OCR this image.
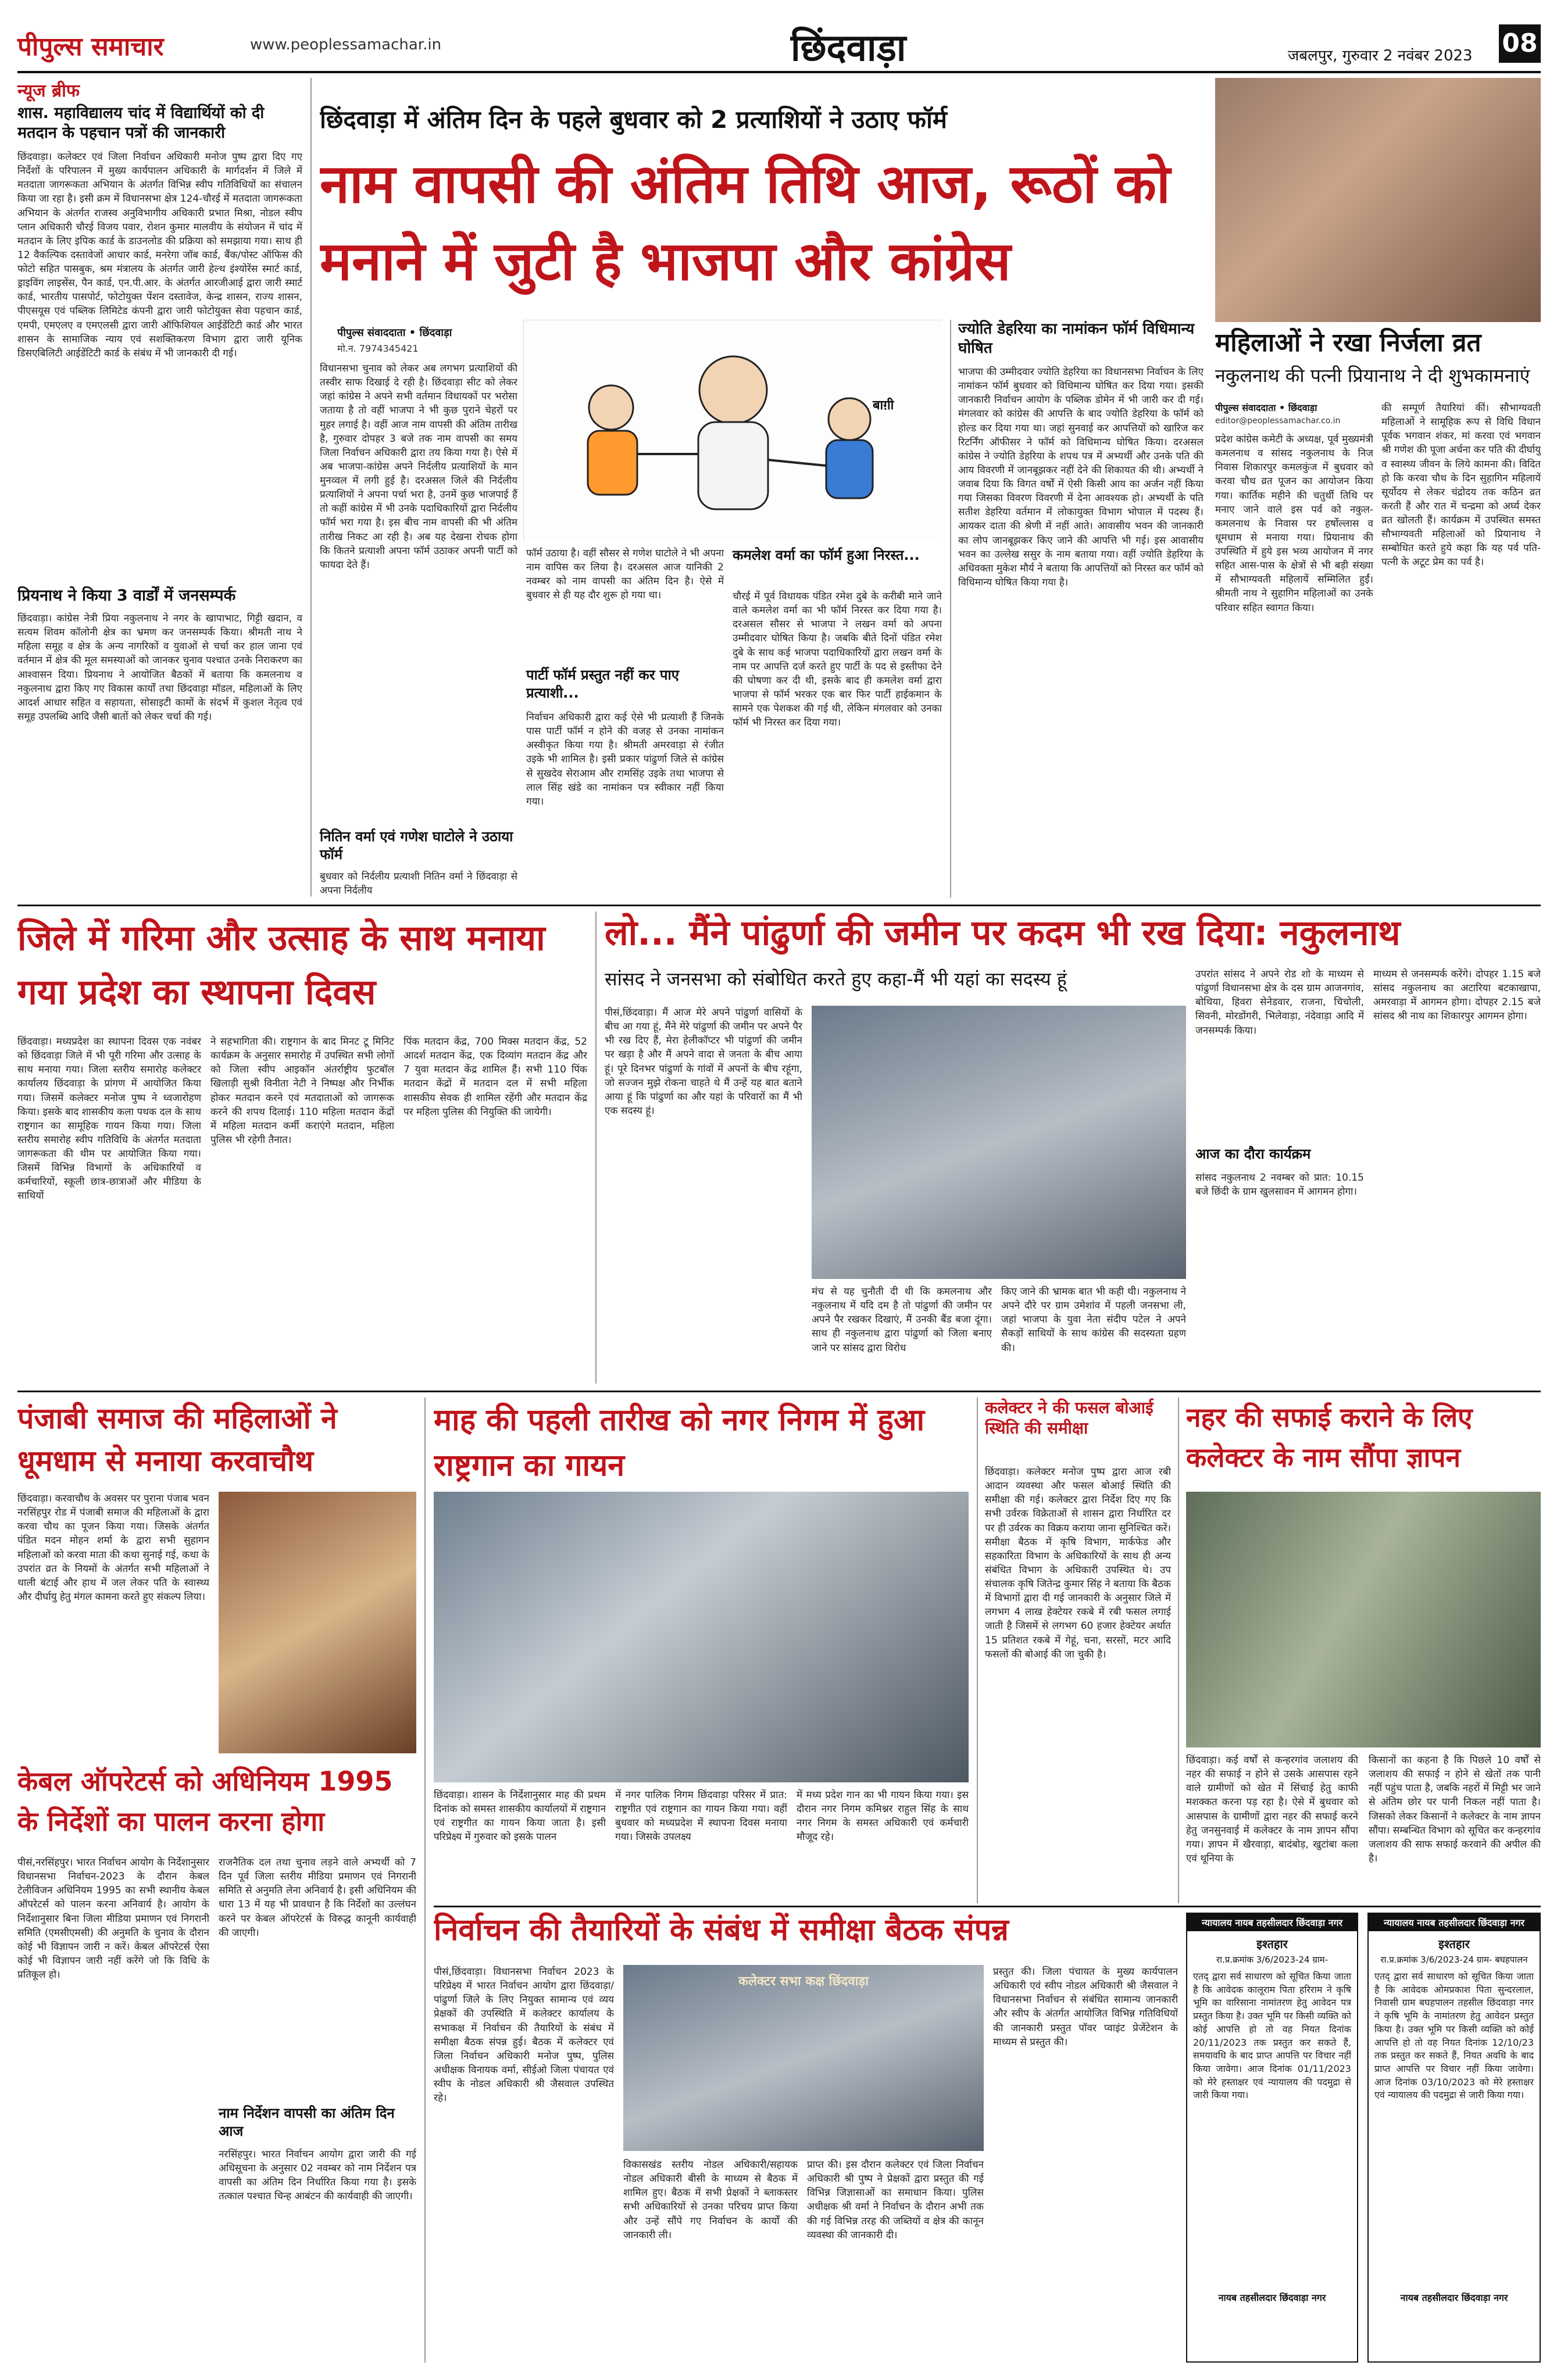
पीपुल्स समाचार	www.peoplessamachar.in	छिंदवाड़ा	जबलपुर, गुरुवार 2 नवंबर 2023 08
न्यूज ब्रीफ
शास. महाविद्यालय चांद में विद्यार्थियों को दी मतदान के पहचान पत्रों की जानकारी
छिंदवाड़ा। कलेक्टर एवं जिला निर्वाचन अधिकारी मनोज पुष्प द्वारा दिए गए निर्देशों के परिपालन में मुख्य कार्यपालन अधिकारी के मार्गदर्शन में जिले में मतदाता जागरूकता अभियान के अंतर्गत विभिन्न स्वीप गतिविधियों का संचालन किया जा रहा है। इसी क्रम में विधानसभा क्षेत्र 124-चौरई में मतदाता जागरूकता अभियान के अंतर्गत राजस्व अनुविभागीय अधिकारी प्रभात मिश्रा, नोडल स्वीप प्लान अधिकारी चौरई विजय पवार, रोशन कुमार मालवीय के संयोजन में चांद में मतदान के लिए इपिक कार्ड के डाउनलोड की प्रक्रिया को समझाया गया। साथ ही 12 वैकल्पिक दस्तावेजों आधार कार्ड, मनरेगा जॉब कार्ड, बैंक/पोस्ट ऑफिस की फोटो सहित पासबुक, श्रम मंत्रालय के अंतर्गत जारी हेल्थ इंश्योरेंस स्मार्ट कार्ड, ड्राइविंग लाइसेंस, पैन कार्ड, एन.पी.आर. के अंतर्गत आरजीआई द्वारा जारी स्मार्ट कार्ड, भारतीय पासपोर्ट, फोटोयुक्त पेंशन दस्तावेज, केन्द्र शासन, राज्य शासन, पीएसयूस एवं पब्लिक लिमिटेड कंपनी द्वारा जारी फोटोयुक्त सेवा पहचान कार्ड, एमपी, एमएलए व एमएलसी द्वारा जारी ऑफिशियल आईडेंटिटी कार्ड और भारत शासन के सामाजिक न्याय एवं सशक्तिकरण विभाग द्वारा जारी यूनिक डिसएबिलिटी आईडेंटिटी कार्ड के संबंध में भी जानकारी दी गई।
प्रियनाथ ने किया 3 वार्डों में जनसम्पर्क
छिंदवाड़ा। कांग्रेस नेत्री प्रिया नकुलनाथ ने नगर के खापाभाट, गिट्टी खदान, व सत्यम शिवम कॉलोनी क्षेत्र का भ्रमण कर जनसम्पर्क किया। श्रीमती नाथ ने महिला समूह व क्षेत्र के अन्य नागरिकों व युवाओं से चर्चा कर हाल जाना एवं वर्तमान में क्षेत्र की मूल समस्याओं को जानकर चुनाव पश्चात उनके निराकरण का आश्वासन दिया। प्रियनाथ ने आयोजित बैठकों में बताया कि कमलनाथ व नकुलनाथ द्वारा किए गए विकास कार्यों तथा छिंदवाड़ा मॉडल, महिलाओं के लिए आदर्श आधार सहित व सहायता, सोसाइटी कामों के संदर्भ में कुशल नेतृत्व एवं समूह उपलब्धि आदि जैसी बातों को लेकर चर्चा की गई।
छिंदवाड़ा में अंतिम दिन के पहले बुधवार को 2 प्रत्याशियों ने उठाए फॉर्म
नाम वापसी की अंतिम तिथि आज, रूठों को मनाने में जुटी है भाजपा और कांग्रेस
पीपुल्स संवाददाता • छिंदवाड़ा
मो.न. 7974345421
बाग़ी
विधानसभा चुनाव को लेकर अब लगभग प्रत्याशियों की तस्वीर साफ दिखाई दे रही है। छिंदवाड़ा सीट को लेकर जहां कांग्रेस ने अपने सभी वर्तमान विधायकों पर भरोसा जताया है तो वहीं भाजपा ने भी कुछ पुराने चेहरों पर मुहर लगाई है। वहीं आज नाम वापसी की अंतिम तारीख है, गुरुवार दोपहर 3 बजे तक नाम वापसी का समय जिला निर्वाचन अधिकारी द्वारा तय किया गया है। ऐसे में अब भाजपा-कांग्रेस अपने निर्दलीय प्रत्याशियों के मान मुनव्वल में लगी हुई है। दरअसल जिले की निर्दलीय प्रत्याशियों ने अपना पर्चा भरा है, उनमें कुछ भाजपाई हैं तो कहीं कांग्रेस में भी उनके पदाधिकारियों द्वारा निर्दलीय फॉर्म भरा गया है। इस बीच नाम वापसी की भी अंतिम तारीख निकट आ रही है। अब यह देखना रोचक होगा कि कितने प्रत्याशी अपना फॉर्म उठाकर अपनी पार्टी को फायदा देते हैं।
नितिन वर्मा एवं गणेश घाटोले ने उठाया फॉर्म
बुधवार को निर्दलीय प्रत्याशी नितिन वर्मा ने छिंदवाड़ा से अपना निर्दलीय
फॉर्म उठाया है। वहीं सौसर से गणेश घाटोले ने भी अपना नाम वापिस कर लिया है। दरअसल आज यानिकी 2 नवम्बर को नाम वापसी का अंतिम दिन है। ऐसे में बुधवार से ही यह दौर शुरू हो गया था।
पार्टी फॉर्म प्रस्तुत नहीं कर पाए प्रत्याशी...
निर्वाचन अधिकारी द्वारा कई ऐसे भी प्रत्याशी हैं जिनके पास पार्टी फॉर्म न होने की वजह से उनका नामांकन अस्वीकृत किया गया है। श्रीमती अमरवाड़ा से रंजीत उइके भी शामिल है। इसी प्रकार पांढुर्णा जिले से कांग्रेस से सुखदेव सेराआम और रामसिंह उइके तथा भाजपा से लाल सिंह खंडे का नामांकन पत्र स्वीकार नहीं किया गया।
कमलेश वर्मा का फॉर्म हुआ निरस्त...
चौरई में पूर्व विधायक पंडित रमेश दुबे के करीबी माने जाने वाले कमलेश वर्मा का भी फॉर्म निरस्त कर दिया गया है। दरअसल सौसर से भाजपा ने लखन वर्मा को अपना उम्मीदवार घोषित किया है। जबकि बीते दिनों पंडित रमेश दुबे के साथ कई भाजपा पदाधिकारियों द्वारा लखन वर्मा के नाम पर आपत्ति दर्ज करते हुए पार्टी के पद से इस्तीफा देने की घोषणा कर दी थी, इसके बाद ही कमलेश वर्मा द्वारा भाजपा से फॉर्म भरकर एक बार फिर पार्टी हाईकमान के सामने एक पेशकश की गई थी, लेकिन मंगलवार को उनका फॉर्म भी निरस्त कर दिया गया।
ज्योति डेहरिया का नामांकन फॉर्म विधिमान्य घोषित
भाजपा की उम्मीदवार ज्योति डेहरिया का विधानसभा निर्वाचन के लिए नामांकन फॉर्म बुधवार को विधिमान्य घोषित कर दिया गया। इसकी जानकारी निर्वाचन आयोग के पब्लिक डोमेन में भी जारी कर दी गई। मंगलवार को कांग्रेस की आपत्ति के बाद ज्योति डेहरिया के फॉर्म को होल्ड कर दिया गया था। जहां सुनवाई कर आपत्तियों को खारिज कर रिटर्निंग ऑफीसर ने फॉर्म को विधिमान्य घोषित किया। दरअसल कांग्रेस ने ज्योति डेहरिया के शपथ पत्र में अभ्यर्थी और उनके पति की आय विवरणी में जानबूझकर नहीं देने की शिकायत की थी। अभ्यर्थी ने जवाब दिया कि विगत वर्षों में ऐसी किसी आय का अर्जन नहीं किया गया जिसका विवरण विवरणी में देना आवश्यक हो। अभ्यर्थी के पति सतीश डेहरिया वर्तमान में लोकायुक्त विभाग भोपाल में पदस्थ हैं। आयकर दाता की श्रेणी में नहीं आते। आवासीय भवन की जानकारी का लोप जानबूझकर किए जाने की आपत्ति भी गई। इस आवासीय भवन का उल्लेख ससुर के नाम बताया गया। वहीं ज्योति डेहरिया के अधिवक्ता मुकेश मौर्य ने बताया कि आपत्तियों को निरस्त कर फॉर्म को विधिमान्य घोषित किया गया है।
महिलाओं ने रखा निर्जला व्रत
नकुलनाथ की पत्नी प्रियानाथ ने दी शुभकामनाएं
पीपुल्स संवाददाता • छिंदवाड़ा
editor@peoplessamachar.co.in
प्रदेश कांग्रेस कमेटी के अध्यक्ष, पूर्व मुख्यमंत्री कमलनाथ व सांसद नकुलनाथ के निज निवास शिकारपुर कमलकुंज में बुधवार को करवा चौथ व्रत पूजन का आयोजन किया गया। कार्तिक महीने की चतुर्थी तिथि पर मनाए जाने वाले इस पर्व को नकुल-कमलनाथ के निवास पर हर्षोल्लास व धूमधाम से मनाया गया। प्रियानाथ की उपस्थिति में हुये इस भव्य आयोजन में नगर सहित आस-पास के क्षेत्रों से भी बड़ी संख्या में सौभाग्यवती महिलायें सम्मिलित हुईं। श्रीमती नाथ ने सुहागिन महिलाओं का उनके परिवार सहित स्वागत किया।
की सम्पूर्ण तैयारियां कीं। सौभाग्यवती महिलाओं ने सामूहिक रूप से विधि विधान पूर्वक भगवान शंकर, मां करवा एवं भगवान श्री गणेश की पूजा अर्चना कर पति की दीर्घायु व स्वास्थ्य जीवन के लिये कामना की। विदित हो कि करवा चौथ के दिन सुहागिन महिलायें सूर्योदय से लेकर चंद्रोदय तक कठिन व्रत करती हैं और रात में चन्द्रमा को अर्घ्य देकर व्रत खोलती हैं। कार्यक्रम में उपस्थित समस्त सौभाग्यवती महिलाओं को प्रियानाथ ने सम्बोधित करते हुये कहा कि यह पर्व पति-पत्नी के अटूट प्रेम का पर्व है।
जिले में गरिमा और उत्साह के साथ मनाया गया प्रदेश का स्थापना दिवस
छिंदवाड़ा। मध्यप्रदेश का स्थापना दिवस एक नवंबर को छिंदवाड़ा जिले में भी पूरी गरिमा और उत्साह के साथ मनाया गया। जिला स्तरीय समारोह कलेक्टर कार्यालय छिंदवाड़ा के प्रांगण में आयोजित किया गया। जिसमें कलेक्टर मनोज पुष्प ने ध्वजारोहण किया। इसके बाद शासकीय कला पथक दल के साथ राष्ट्रगान का सामूहिक गायन किया गया। जिला स्तरीय समारोह स्वीप गतिविधि के अंतर्गत मतदाता जागरूकता की थीम पर आयोजित किया गया। जिसमें विभिन्न विभागों के अधिकारियों व कर्मचारियों, स्कूली छात्र-छात्राओं और मीडिया के साथियों
ने सहभागिता की। राष्ट्रगान के बाद मिनट टू मिनिट कार्यक्रम के अनुसार समारोह में उपस्थित सभी लोगों को जिला स्वीप आइकॉन अंतर्राष्ट्रीय फुटबॉल खिलाड़ी सुश्री विनीता नेटी ने निष्पक्ष और निर्भीक होकर मतदान करने एवं मतदाताओं को जागरूक करने की शपथ दिलाई। 110 महिला मतदान केंद्रों में महिला मतदान कर्मी कराएंगे मतदान, महिला पुलिस भी रहेगी तैनात।
पिंक मतदान केंद्र, 700 मिक्स मतदान केंद्र, 52 आदर्श मतदान केंद्र, एक दिव्यांग मतदान केंद्र और 7 युवा मतदान केंद्र शामिल हैं। सभी 110 पिंक मतदान केंद्रों में मतदान दल में सभी महिला शासकीय सेवक ही शामिल रहेंगी और मतदान केंद्र पर महिला पुलिस की नियुक्ति की जायेगी।
लो... मैंने पांढुर्णा की जमीन पर कदम भी रख दिया: नकुलनाथ
सांसद ने जनसभा को संबोधित करते हुए कहा-मैं भी यहां का सदस्य हूं
पीसं,छिंदवाड़ा। मैं आज मेरे अपने पांढुर्णा वासियों के बीच आ गया हूं, मैंने मेरे पांढुर्णा की जमीन पर अपने पैर भी रख दिए हैं, मेरा हेलीकॉप्टर भी पांढुर्णा की जमीन पर खड़ा है और मैं अपने वादा से जनता के बीच आया हूं। पूरे दिनभर पांढुर्णा के गांवों में अपनों के बीच रहूंगा, जो सज्जन मुझे रोकना चाहते थे मैं उन्हें यह बात बताने आया हूं कि पांढुर्णा का और यहां के परिवारों का मैं भी एक सदस्य हूं।
मंच से यह चुनौती दी थी कि कमलनाथ और नकुलनाथ में यदि दम है तो पांढुर्णा की जमीन पर अपने पैर रखकर दिखाएं, मैं उनकी बैंड बजा दूंगा। साथ ही नकुलनाथ द्वारा पांढुर्णा को जिला बनाए जाने पर सांसद द्वारा विरोध
किए जाने की भ्रामक बात भी कही थी। नकुलनाथ ने अपने दौरे पर ग्राम उमेशांव में पहली जनसभा ली, जहां भाजपा के युवा नेता संदीप पटेल ने अपने सैकड़ों साथियों के साथ कांग्रेस की सदस्यता ग्रहण की।
उपरांत सांसद ने अपने रोड शो के माध्यम से पांढुर्णा विधानसभा क्षेत्र के दस ग्राम आजनगांव, बोथिया, हिवरा सेनेडवार, राजना, चिचोली, सिवनी, मोरडोंगरी, भिलेवाड़ा, नंदेवाड़ा आदि में जनसम्पर्क किया।
आज का दौरा कार्यक्रम
सांसद नकुलनाथ 2 नवम्बर को प्रात: 10.15 बजे छिंदी के ग्राम खुलसावन में आगमन होगा।
माध्यम से जनसम्पर्क करेंगे। दोपहर 1.15 बजे सांसद नकुलनाथ का अटारिया बटकाखापा, अमरवाड़ा में आगमन होगा। दोपहर 2.15 बजे सांसद श्री नाथ का शिकारपुर आगमन होगा।
पंजाबी समाज की महिलाओं ने धूमधाम से मनाया करवाचौथ
छिंदवाड़ा। करवाचौथ के अवसर पर पुराना पंजाब भवन नरसिंहपुर रोड में पंजाबी समाज की महिलाओं के द्वारा करवा चौथ का पूजन किया गया। जिसके अंतर्गत पंडित मदन मोहन शर्मा के द्वारा सभी सुहागन महिलाओं को करवा माता की कथा सुनाई गई, कथा के उपरांत व्रत के नियमों के अंतर्गत सभी महिलाओं ने थाली बंटाई और हाथ में जल लेकर पति के स्वास्थ्य और दीर्घायु हेतु मंगल कामना करते हुए संकल्प लिया।
केबल ऑपरेटर्स को अधिनियम 1995 के निर्देशों का पालन करना होगा
पीसं,नरसिंहपुर। भारत निर्वाचन आयोग के निर्देशानुसार विधानसभा निर्वाचन-2023 के दौरान केबल टेलीविजन अधिनियम 1995 का सभी स्थानीय केबल ऑपरेटर्स को पालन करना अनिवार्य है। आयोग के निर्देशानुसार बिना जिला मीडिया प्रमाणन एवं निगरानी समिति (एमसीएमसी) की अनुमति के चुनाव के दौरान कोई भी विज्ञापन जारी न करें। केबल ऑपरेटर्स ऐसा कोई भी विज्ञापन जारी नहीं करेंगे जो कि विधि के प्रतिकूल हो।
राजनैतिक दल तथा चुनाव लड़ने वाले अभ्यर्थी को 7 दिन पूर्व जिला स्तरीय मीडिया प्रमाणन एवं निगरानी समिति से अनुमति लेना अनिवार्य है। इसी अधिनियम की धारा 13 में यह भी प्रावधान है कि निर्देशों का उल्लंघन करने पर केबल ऑपरेटर्स के विरुद्ध कानूनी कार्यवाही की जाएगी।
नाम निर्देशन वापसी का अंतिम दिन आज
नरसिंहपुर। भारत निर्वाचन आयोग द्वारा जारी की गई अधिसूचना के अनुसार 02 नवम्बर को नाम निर्देशन पत्र वापसी का अंतिम दिन निर्धारित किया गया है। इसके तत्काल पश्चात चिन्ह आबंटन की कार्यवाही की जाएगी।
माह की पहली तारीख को नगर निगम में हुआ राष्ट्रगान का गायन
छिंदवाड़ा। शासन के निर्देशानुसार माह की प्रथम दिनांक को समस्त शासकीय कार्यालयों में राष्ट्रगान एवं राष्ट्रगीत का गायन किया जाता है। इसी परिप्रेक्ष्य में गुरुवार को इसके पालन
में नगर पालिक निगम छिंदवाड़ा परिसर में प्रात: राष्ट्रगीत एवं राष्ट्रगान का गायन किया गया। वहीं बुधवार को मध्यप्रदेश में स्थापना दिवस मनाया गया। जिसके उपलक्ष्य
में मध्य प्रदेश गान का भी गायन किया गया। इस दौरान नगर निगम कमिश्नर राहुल सिंह के साथ नगर निगम के समस्त अधिकारी एवं कर्मचारी मौजूद रहे।
कलेक्टर ने की फसल बोआई स्थिति की समीक्षा
छिंदवाड़ा। कलेक्टर मनोज पुष्प द्वारा आज रबी आदान व्यवस्था और फसल बोआई स्थिति की समीक्षा की गई। कलेक्टर द्वारा निर्देश दिए गए कि सभी उर्वरक विक्रेताओं से शासन द्वारा निर्धारित दर पर ही उर्वरक का विक्रय कराया जाना सुनिश्चित करें। समीक्षा बैठक में कृषि विभाग, मार्कफेड और सहकारिता विभाग के अधिकारियों के साथ ही अन्य संबंधित विभाग के अधिकारी उपस्थित थे। उप संचालक कृषि जितेन्द्र कुमार सिंह ने बताया कि बैठक में विभागों द्वारा दी गई जानकारी के अनुसार जिले में लगभग 4 लाख हेक्टेयर रकबे में रबी फसल लगाई जाती है जिसमें से लगभग 60 हजार हेक्टेयर अर्थात 15 प्रतिशत रकबे में गेहूं, चना, सरसों, मटर आदि फसलों की बोआई की जा चुकी है।
नहर की सफाई कराने के लिए कलेक्टर के नाम सौंपा ज्ञापन
छिंदवाड़ा। कई वर्षों से कन्हरगांव जलाशय की नहर की सफाई न होने से उसके आसपास रहने वाले ग्रामीणों को खेत में सिंचाई हेतु काफी मशक्कत करना पड़ रहा है। ऐसे में बुधवार को आसपास के ग्रामीणों द्वारा नहर की सफाई करने हेतु जनसुनवाई में कलेक्टर के नाम ज्ञापन सौंपा गया। ज्ञापन में खैरवाड़ा, बादंबोड़, खुटांबा कला एवं थूनिया के
किसानों का कहना है कि पिछले 10 वर्षों से जलाशय की सफाई न होने से खेतों तक पानी नहीं पहुंच पाता है, जबकि नहरों में मिट्टी भर जाने से अंतिम छोर पर पानी निकल नहीं पाता है। जिसको लेकर किसानों ने कलेक्टर के नाम ज्ञापन सौंपा। सम्बन्धित विभाग को सूचित कर कन्हरगांव जलाशय की साफ सफाई करवाने की अपील की है।
निर्वाचन की तैयारियों के संबंध में समीक्षा बैठक संपन्न
पीसं,छिंदवाड़ा। विधानसभा निर्वाचन 2023 के परिप्रेक्ष्य में भारत निर्वाचन आयोग द्वारा छिंदवाड़ा/पांढुर्णा जिले के लिए नियुक्त सामान्य एवं व्यय प्रेक्षकों की उपस्थिति में कलेक्टर कार्यालय के सभाकक्ष में निर्वाचन की तैयारियों के संबंध में समीक्षा बैठक संपन्न हुई। बैठक में कलेक्टर एवं जिला निर्वाचन अधिकारी मनोज पुष्प, पुलिस अधीक्षक विनायक वर्मा, सीईओ जिला पंचायत एवं स्वीप के नोडल अधिकारी श्री जैसवाल उपस्थित रहे।
कलेक्टर सभा कक्ष छिंदवाड़ा
विकासखंड स्तरीय नोडल अधिकारी/सहायक नोडल अधिकारी बीसी के माध्यम से बैठक में शामिल हुए। बैठक में सभी प्रेक्षकों ने ब्लाकस्तर सभी अधिकारियों से उनका परिचय प्राप्त किया और उन्हें सौंपे गए निर्वाचन के कार्यों की जानकारी ली।
प्राप्त की। इस दौरान कलेक्टर एवं जिला निर्वाचन अधिकारी श्री पुष्प ने प्रेक्षकों द्वारा प्रस्तुत की गई विभिन्न जिज्ञासाओं का समाधान किया। पुलिस अधीक्षक श्री वर्मा ने निर्वाचन के दौरान अभी तक की गई विभिन्न तरह की जब्तियों व क्षेत्र की कानून व्यवस्था की जानकारी दी।
प्रस्तुत की। जिला पंचायत के मुख्य कार्यपालन अधिकारी एवं स्वीप नोडल अधिकारी श्री जैसवाल ने विधानसभा निर्वाचन से संबंधित सामान्य जानकारी और स्वीप के अंतर्गत आयोजित विभिन्न गतिविधियों की जानकारी प्रस्तुत पॉवर प्वाइंट प्रेजेंटेशन के माध्यम से प्रस्तुत की।
न्यायालय नायब तहसीलदार छिंदवाड़ा नगर
इश्तहार
रा.प्र.क्रमांक 3/6/2023-24 ग्राम-
एतद् द्वारा सर्व साधारण को सूचित किया जाता है कि आवेदक कालूराम पिता हरिराम ने कृषि भूमि का वारिसाना नामांतरण हेतु आवेदन पत्र प्रस्तुत किया है। उक्त भूमि पर किसी व्यक्ति को कोई आपत्ति हो तो वह नियत दिनांक 20/11/2023 तक प्रस्तुत कर सकते हैं, समयावधि के बाद प्राप्त आपत्ति पर विचार नहीं किया जावेगा। आज दिनांक 01/11/2023 को मेरे हस्ताक्षर एवं न्यायालय की पदमुद्रा से जारी किया गया।
नायब तहसीलदार छिंदवाड़ा नगर
न्यायालय नायब तहसीलदार छिंदवाड़ा नगर
इश्तहार
रा.प्र.क्रमांक 3/6/2023-24 ग्राम- बघहपालन
एतद् द्वारा सर्व साधारण को सूचित किया जाता है कि आवेदक ओमप्रकाश पिता सुन्दरलाल, निवासी ग्राम बघहपालन तहसील छिंदवाड़ा नगर ने कृषि भूमि के नामांतरण हेतु आवेदन प्रस्तुत किया है। उक्त भूमि पर किसी व्यक्ति को कोई आपत्ति हो तो वह नियत दिनांक 12/10/23 तक प्रस्तुत कर सकते हैं, नियत अवधि के बाद प्राप्त आपत्ति पर विचार नहीं किया जावेगा। आज दिनांक 03/10/2023 को मेरे हस्ताक्षर एवं न्यायालय की पदमुद्रा से जारी किया गया।
नायब तहसीलदार छिंदवाड़ा नगर
